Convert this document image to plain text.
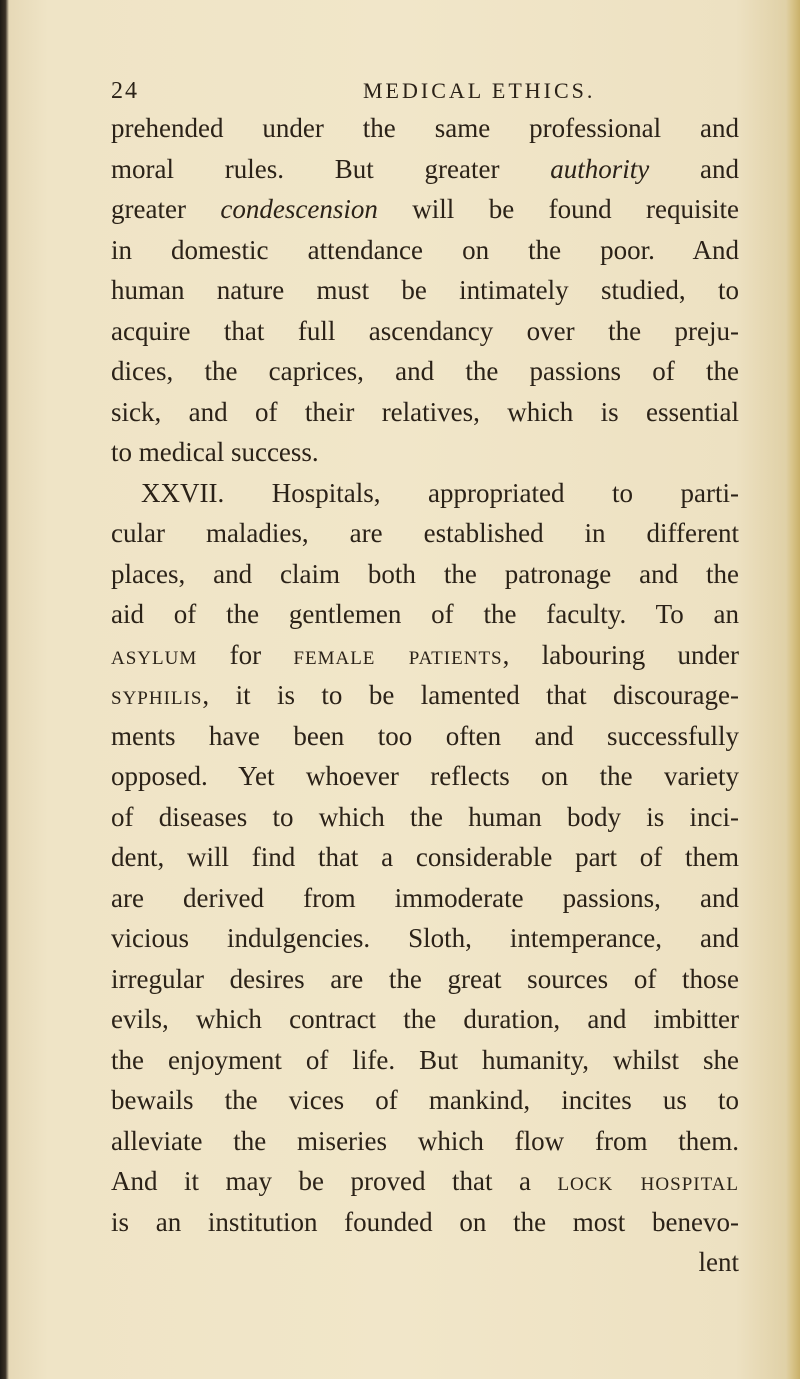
24	MEDICAL ETHICS.
prehended under the same professional and
moral rules. But greater authority and
greater condescension will be found requisite
in domestic attendance on the poor. And
human nature must be intimately studied, to
acquire that full ascendancy over the preju-
dices, the caprices, and the passions of the
sick, and of their relatives, which is essential
to medical success.
XXVII. Hospitals, appropriated to parti-
cular maladies, are established in different
places, and claim both the patronage and the
aid of the gentlemen of the faculty. To an
asylum for female patients, labouring under
syphilis, it is to be lamented that discourage-
ments have been too often and successfully
opposed. Yet whoever reflects on the variety
of diseases to which the human body is inci-
dent, will find that a considerable part of them
are derived from immoderate passions, and
vicious indulgencies. Sloth, intemperance, and
irregular desires are the great sources of those
evils, which contract the duration, and imbitter
the enjoyment of life. But humanity, whilst she
bewails the vices of mankind, incites us to
alleviate the miseries which flow from them.
And it may be proved that a lock hospital
is an institution founded on the most benevo-
lent
